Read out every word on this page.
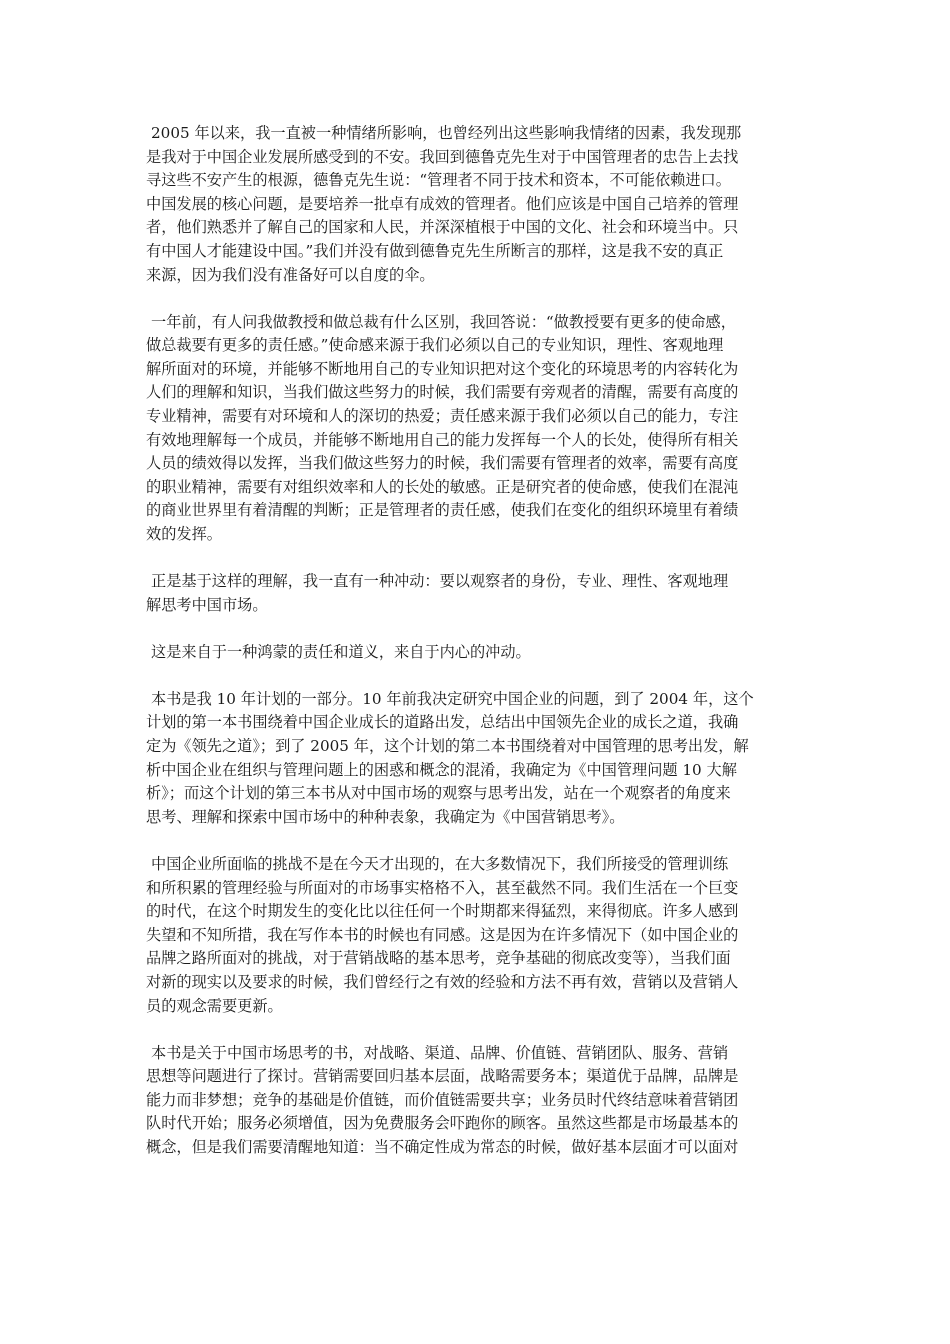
2005 年以来，我一直被一种情绪所影响，也曾经列出这些影响我情绪的因素，我发现那
是我对于中国企业发展所感受到的不安。我回到德鲁克先生对于中国管理者的忠告上去找
寻这些不安产生的根源，德鲁克先生说：“管理者不同于技术和资本，不可能依赖进口。
中国发展的核心问题，是要培养一批卓有成效的管理者。他们应该是中国自己培养的管理
者，他们熟悉并了解自己的国家和人民，并深深植根于中国的文化、社会和环境当中。只
有中国人才能建设中国。”我们并没有做到德鲁克先生所断言的那样，这是我不安的真正
来源，因为我们没有准备好可以自度的伞。
一年前，有人问我做教授和做总裁有什么区别，我回答说：“做教授要有更多的使命感，
做总裁要有更多的责任感。”使命感来源于我们必须以自己的专业知识，理性、客观地理
解所面对的环境，并能够不断地用自己的专业知识把对这个变化的环境思考的内容转化为
人们的理解和知识，当我们做这些努力的时候，我们需要有旁观者的清醒，需要有高度的
专业精神，需要有对环境和人的深切的热爱；责任感来源于我们必须以自己的能力，专注
有效地理解每一个成员，并能够不断地用自己的能力发挥每一个人的长处，使得所有相关
人员的绩效得以发挥，当我们做这些努力的时候，我们需要有管理者的效率，需要有高度
的职业精神，需要有对组织效率和人的长处的敏感。正是研究者的使命感，使我们在混沌
的商业世界里有着清醒的判断；正是管理者的责任感，使我们在变化的组织环境里有着绩
效的发挥。
正是基于这样的理解，我一直有一种冲动：要以观察者的身份，专业、理性、客观地理
解思考中国市场。
这是来自于一种鸿蒙的责任和道义，来自于内心的冲动。
本书是我 10 年计划的一部分。10 年前我决定研究中国企业的问题，到了 2004 年，这个
计划的第一本书围绕着中国企业成长的道路出发，总结出中国领先企业的成长之道，我确
定为《领先之道》；到了 2005 年，这个计划的第二本书围绕着对中国管理的思考出发，解
析中国企业在组织与管理问题上的困惑和概念的混淆，我确定为《中国管理问题 10 大解
析》；而这个计划的第三本书从对中国市场的观察与思考出发，站在一个观察者的角度来
思考、理解和探索中国市场中的种种表象，我确定为《中国营销思考》。
中国企业所面临的挑战不是在今天才出现的，在大多数情况下，我们所接受的管理训练
和所积累的管理经验与所面对的市场事实格格不入，甚至截然不同。我们生活在一个巨变
的时代，在这个时期发生的变化比以往任何一个时期都来得猛烈，来得彻底。许多人感到
失望和不知所措，我在写作本书的时候也有同感。这是因为在许多情况下（如中国企业的
品牌之路所面对的挑战，对于营销战略的基本思考，竞争基础的彻底改变等），当我们面
对新的现实以及要求的时候，我们曾经行之有效的经验和方法不再有效，营销以及营销人
员的观念需要更新。
本书是关于中国市场思考的书，对战略、渠道、品牌、价值链、营销团队、服务、营销
思想等问题进行了探讨。营销需要回归基本层面，战略需要务本；渠道优于品牌，品牌是
能力而非梦想；竞争的基础是价值链，而价值链需要共享；业务员时代终结意味着营销团
队时代开始；服务必须增值，因为免费服务会吓跑你的顾客。虽然这些都是市场最基本的
概念，但是我们需要清醒地知道：当不确定性成为常态的时候，做好基本层面才可以面对
